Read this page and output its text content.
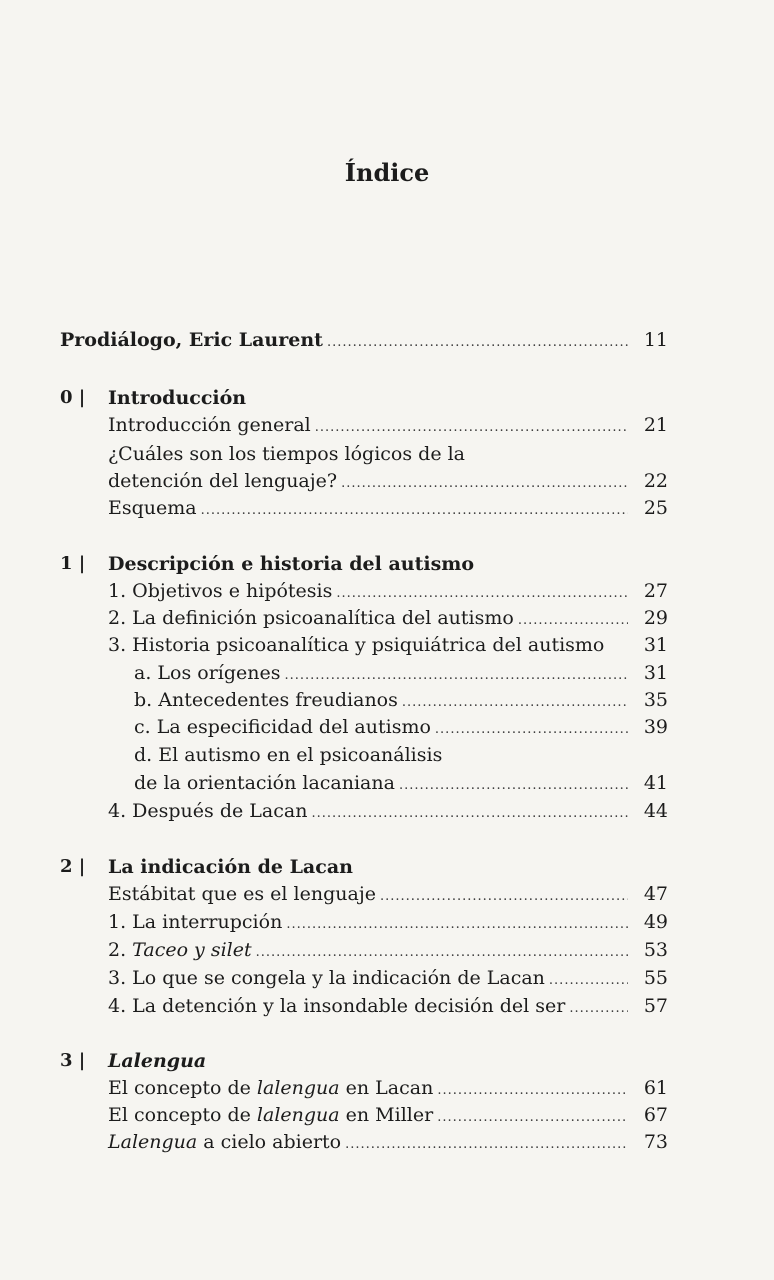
Índice
Prodiálogo, Eric Laurent .....	11
0 | Introducción
Introducción general .....	21
¿Cuáles son los tiempos lógicos de la
detención del lenguaje? .....	22
Esquema .....	25
1 | Descripción e historia del autismo
1. Objetivos e hipótesis .....	27
2. La definición psicoanalítica del autismo .....	29
3. Historia psicoanalítica y psiquiátrica del autismo	31
a. Los orígenes .....	31
b. Antecedentes freudianos .....	35
c. La especificidad del autismo .....	39
d. El autismo en el psicoanálisis
de la orientación lacaniana .....	41
4. Después de Lacan .....	44
2 | La indicación de Lacan
Estábitat que es el lenguaje .....	47
1. La interrupción .....	49
2. Taceo y silet .....	53
3. Lo que se congela y la indicación de Lacan .....	55
4. La detención y la insondable decisión del ser .....	57
3 | Lalengua
El concepto de lalengua en Lacan .....	61
El concepto de lalengua en Miller .....	67
Lalengua a cielo abierto .....	73
